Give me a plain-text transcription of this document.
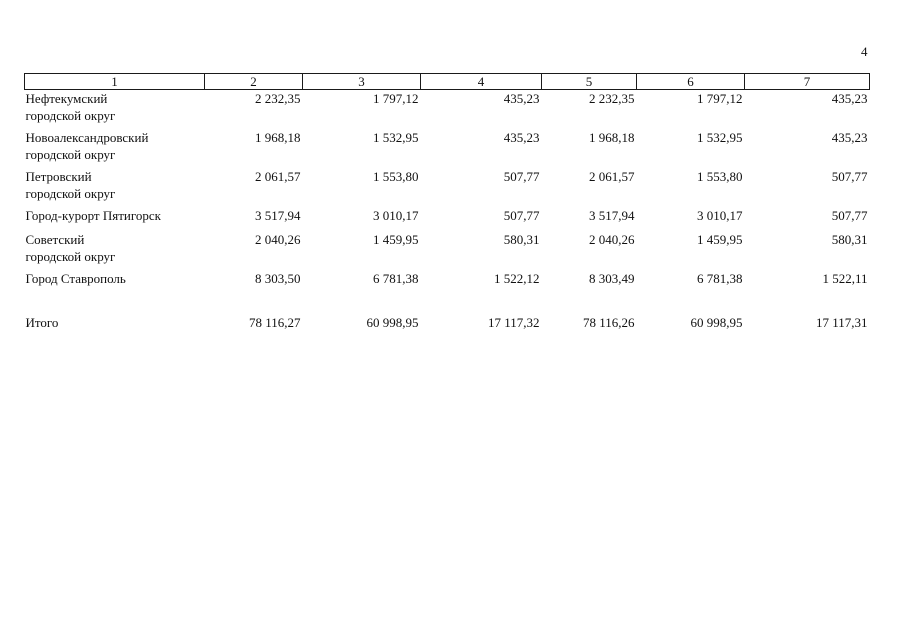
4
1	2	3	4	5	6	7

Нефтекумский
городской округ	2 232,35	1 797,12	435,23	2 232,35	1 797,12	435,23

Новоалександровский
городской округ	1 968,18	1 532,95	435,23	1 968,18	1 532,95	435,23

Петровский
городской округ	2 061,57	1 553,80	507,77	2 061,57	1 553,80	507,77

Город-курорт Пятигорск	3 517,94	3 010,17	507,77	3 517,94	3 010,17	507,77

Советский
городской округ	2 040,26	1 459,95	580,31	2 040,26	1 459,95	580,31

Город Ставрополь	8 303,50	6 781,38	1 522,12	8 303,49	6 781,38	1 522,11

Итого	78 116,27	60 998,95	17 117,32	78 116,26	60 998,95	17 117,31
